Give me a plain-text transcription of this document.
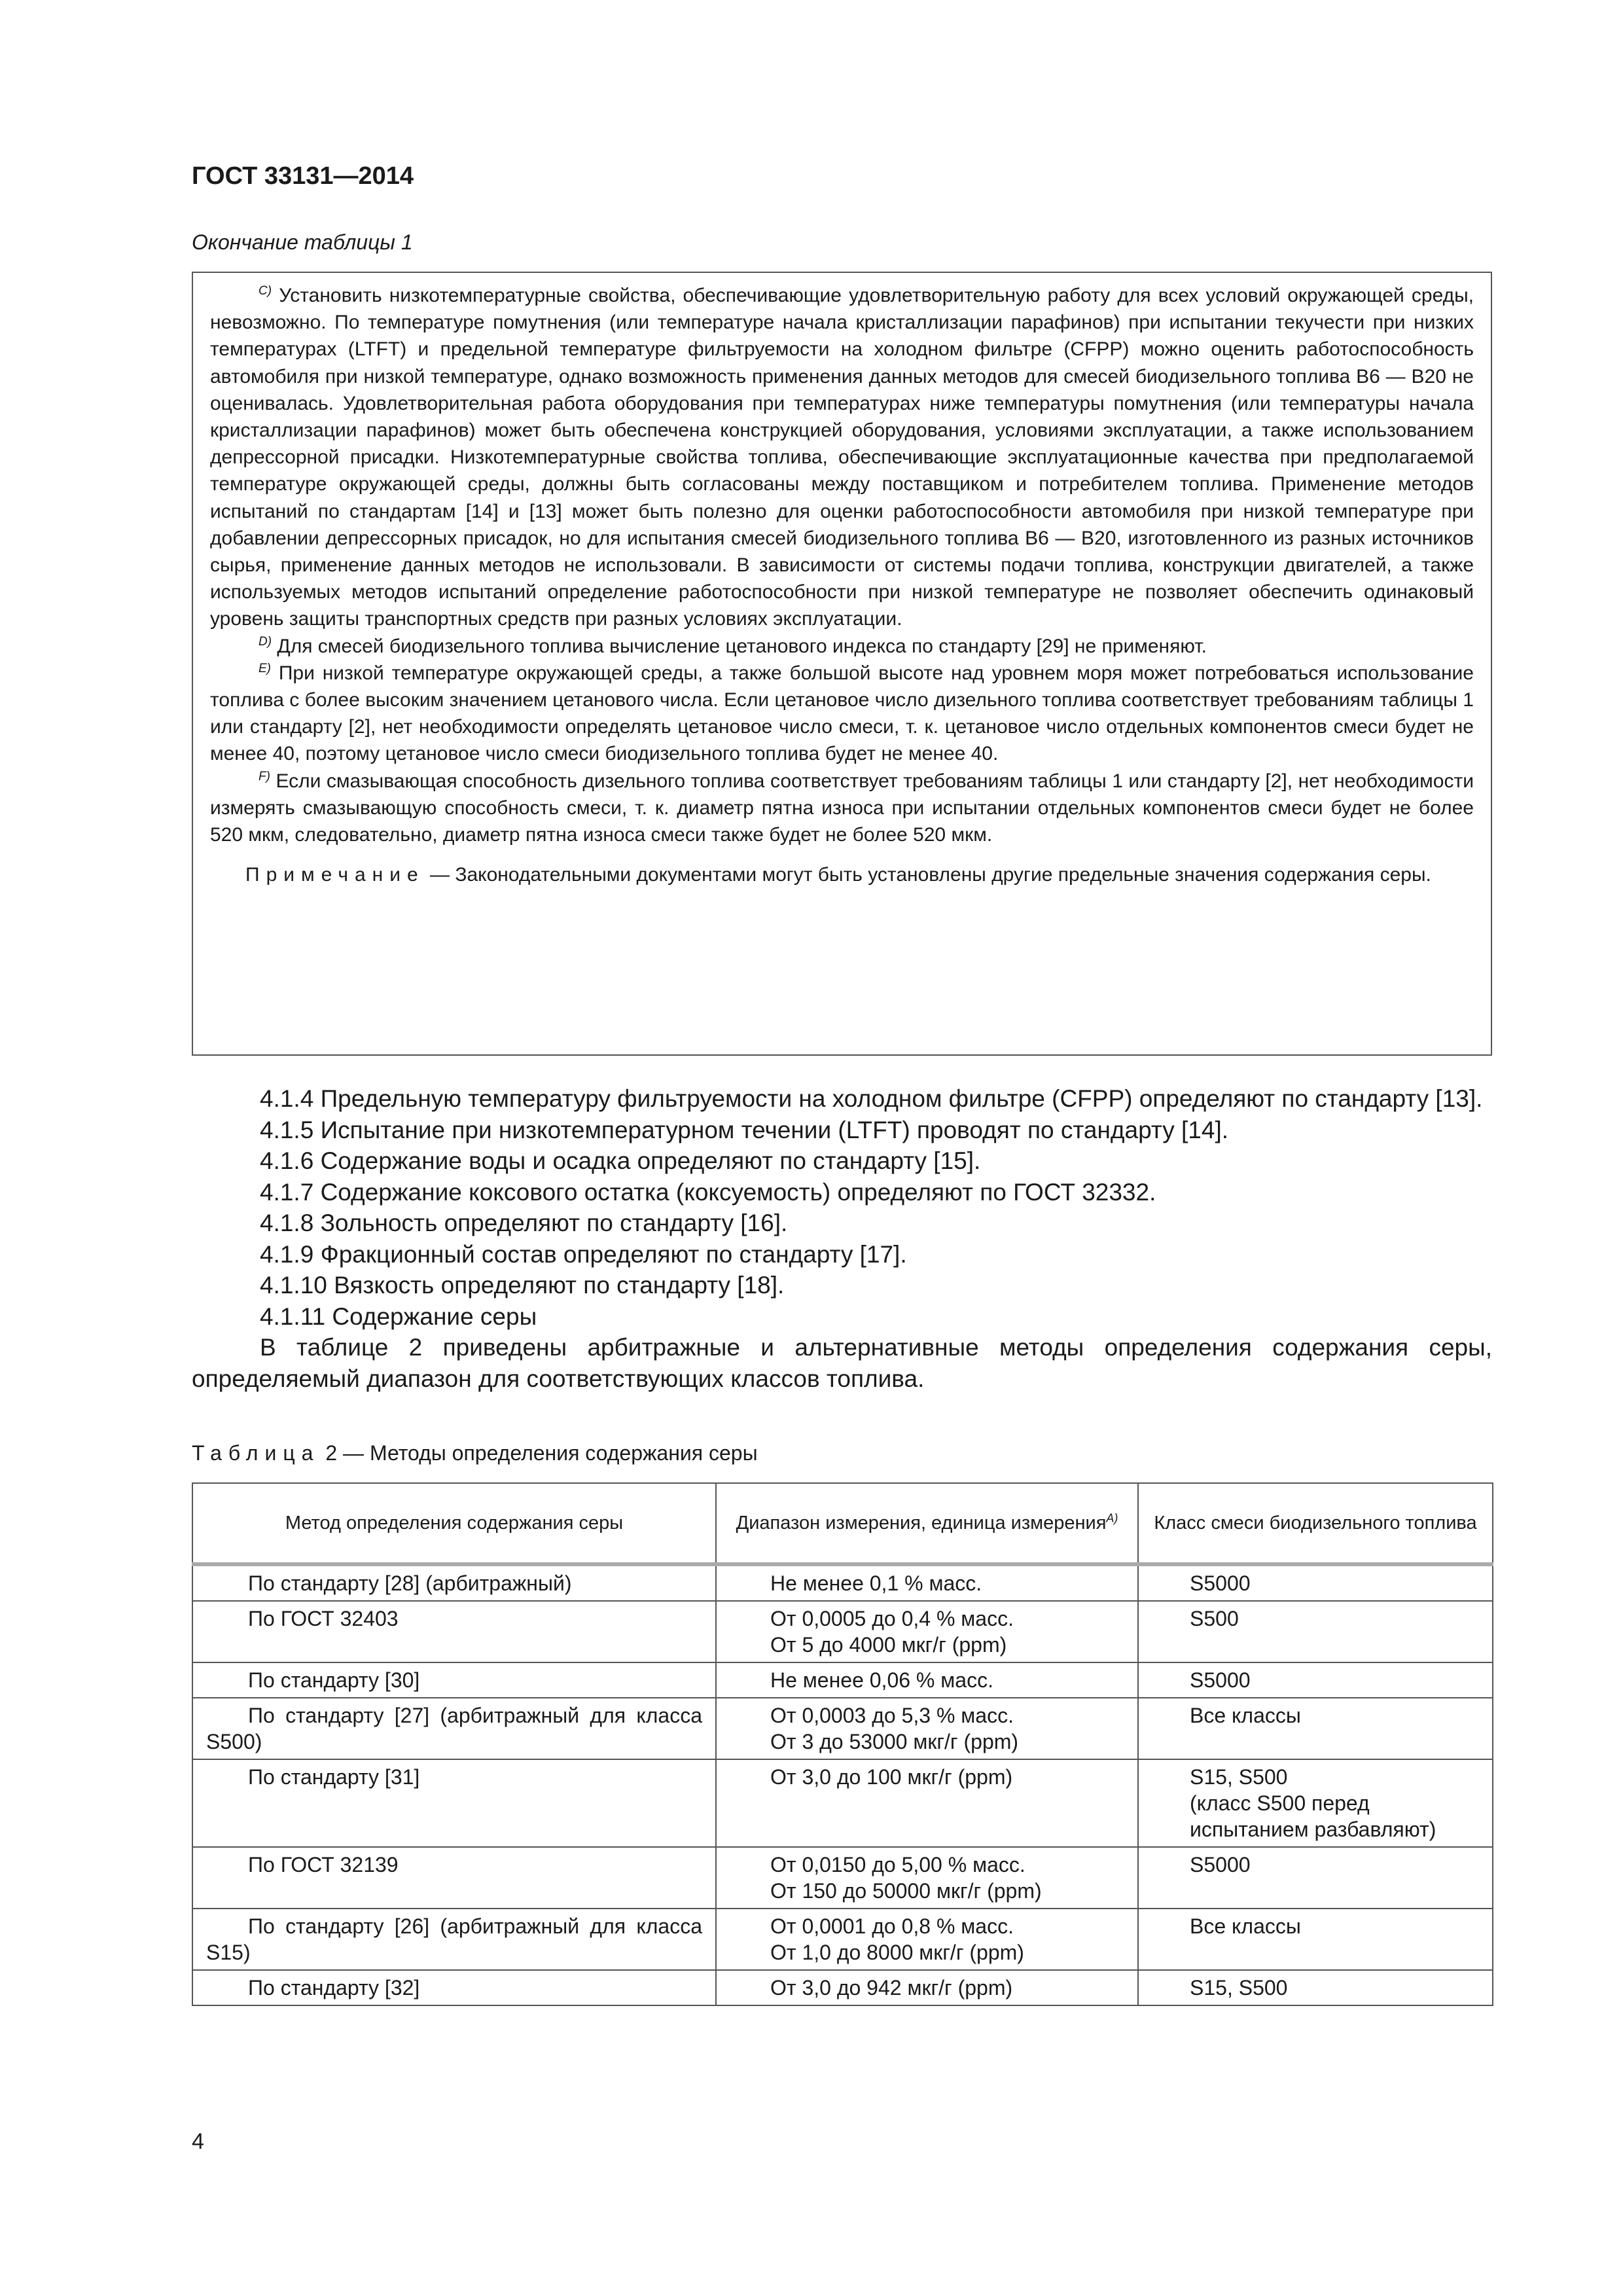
ГОСТ 33131—2014
Окончание таблицы 1

$^{C)}$ Установить низкотемпературные свойства, обеспечивающие удовлетворительную работу для всех условий окружающей среды, невозможно. По температуре помутнения (или температуре начала кристаллизации парафинов) при испытании текучести при низких температурах (LTFT) и предельной температуре фильтруемости на холодном фильтре (CFPP) можно оценить работоспособность автомобиля при низкой температуре, однако возможность применения данных методов для смесей биодизельного топлива В6 — В20 не оценивалась. Удовлетворительная работа оборудования при температурах ниже температуры помутнения (или температуры начала кристаллизации парафинов) может быть обеспечена конструкцией оборудования, условиями эксплуатации, а также использованием депрессорной присадки. Низкотемпературные свойства топлива, обеспечивающие эксплуатационные качества при предполагаемой температуре окружающей среды, должны быть согласованы между поставщиком и потребителем топлива. Применение методов испытаний по стандартам [14] и [13] может быть полезно для оценки работоспособности автомобиля при низкой температуре при добавлении депрессорных присадок, но для испытания смесей биодизельного топлива В6 — В20, изготовленного из разных источников сырья, применение данных методов не использовали. В зависимости от системы подачи топлива, конструкции двигателей, а также используемых методов испытаний определение работоспособности при низкой температуре не позволяет обеспечить одинаковый уровень защиты транспортных средств при разных условиях эксплуатации.

$^{D)}$ Для смесей биодизельного топлива вычисление цетанового индекса по стандарту [29] не применяют.

$^{E)}$ При низкой температуре окружающей среды, а также большой высоте над уровнем моря может потребоваться использование топлива с более высоким значением цетанового числа. Если цетановое число дизельного топлива соответствует требованиям таблицы 1 или стандарту [2], нет необходимости определять цетановое число смеси, т. к. цетановое число отдельных компонентов смеси будет не менее 40, поэтому цетановое число смеси биодизельного топлива будет не менее 40.

$^{F)}$ Если смазывающая способность дизельного топлива соответствует требованиям таблицы 1 или стандарту [2], нет необходимости измерять смазывающую способность смеси, т. к. диаметр пятна износа при испытании отдельных компонентов смеси будет не более 520 мкм, следовательно, диаметр пятна износа смеси также будет не более 520 мкм.

Примечание — Законодательными документами могут быть установлены другие предельные значения содержания серы.

4.1.4 Предельную температуру фильтруемости на холодном фильтре (CFPP) определяют по стандарту [13].

4.1.5 Испытание при низкотемпературном течении (LTFT) проводят по стандарту [14].

4.1.6 Содержание воды и осадка определяют по стандарту [15].

4.1.7 Содержание коксового остатка (коксуемость) определяют по ГОСТ 32332.

4.1.8 Зольность определяют по стандарту [16].

4.1.9 Фракционный состав определяют по стандарту [17].

4.1.10 Вязкость определяют по стандарту [18].

4.1.11 Содержание серы

В таблице 2 приведены арбитражные и альтернативные методы определения содержания серы, определяемый диапазон для соответствующих классов топлива.

Таблица 2 — Методы определения содержания серы
Метод определения содержания серы	Диапазон измерения, единица измерения$^{A)}$	Класс смеси биодизельного топлива

По стандарту [28] (арбитражный)	Не менее 0,1 % масс.	S5000

По ГОСТ 32403	От 0,0005 до 0,4 % масс.
От 5 до 4000 мкг/г (ppm)	S500

По стандарту [30]	Не менее 0,06 % масс.	S5000

По стандарту [27] (арбитражный для класса S500)	От 0,0003 до 5,3 % масс.
От 3 до 53000 мкг/г (ppm)	Все классы

По стандарту [31]	От 3,0 до 100 мкг/г (ppm)	S15, S500
(класс S500 перед испытанием разбавляют)

По ГОСТ 32139	От 0,0150 до 5,00 % масс.
От 150 до 50000 мкг/г (ppm)	S5000

По стандарту [26] (арбитражный для класса S15)	От 0,0001 до 0,8 % масс.
От 1,0 до 8000 мкг/г (ppm)	Все классы

По стандарту [32]	От 3,0 до 942 мкг/г (ppm)	S15, S500
4
